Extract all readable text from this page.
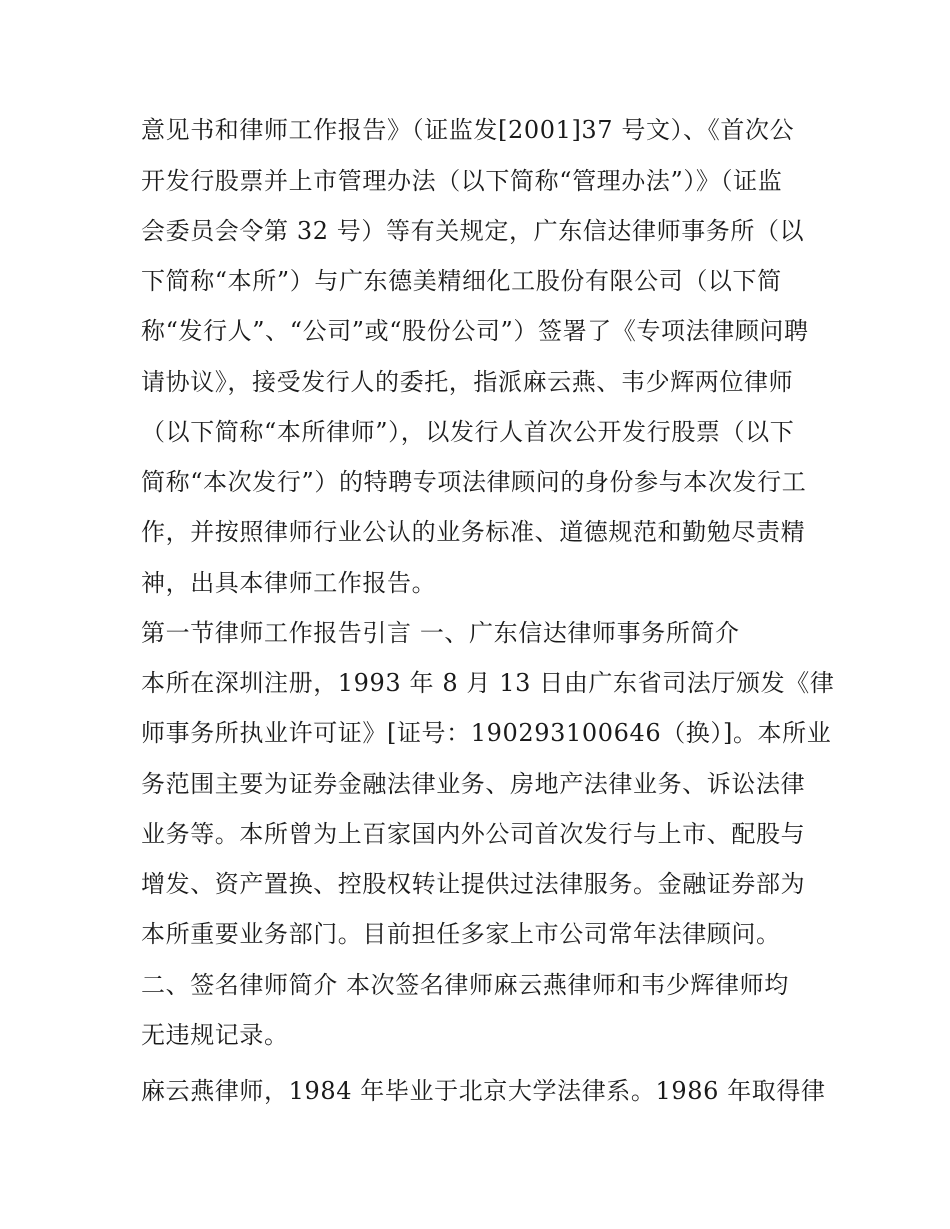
意见书和律师工作报告》（证监发[2001]37 号文）、《首次公
开发行股票并上市管理办法（以下简称“管理办法”）》（证监
会委员会令第 32 号）等有关规定，广东信达律师事务所（以
下简称“本所”）与广东德美精细化工股份有限公司（以下简
称“发行人”、“公司”或“股份公司”）签署了《专项法律顾问聘
请协议》，接受发行人的委托，指派麻云燕、韦少辉两位律师
（以下简称“本所律师”），以发行人首次公开发行股票（以下
简称“本次发行”）的特聘专项法律顾问的身份参与本次发行工
作，并按照律师行业公认的业务标准、道德规范和勤勉尽责精
神，出具本律师工作报告。
第一节律师工作报告引言 一、广东信达律师事务所简介
本所在深圳注册，1993 年 8 月 13 日由广东省司法厅颁发《律
师事务所执业许可证》[证号：190293100646（换）]。本所业
务范围主要为证券金融法律业务、房地产法律业务、诉讼法律
业务等。本所曾为上百家国内外公司首次发行与上市、配股与
增发、资产置换、控股权转让提供过法律服务。金融证券部为
本所重要业务部门。目前担任多家上市公司常年法律顾问。
二、签名律师简介 本次签名律师麻云燕律师和韦少辉律师均
无违规记录。
麻云燕律师，1984 年毕业于北京大学法律系。1986 年取得律
